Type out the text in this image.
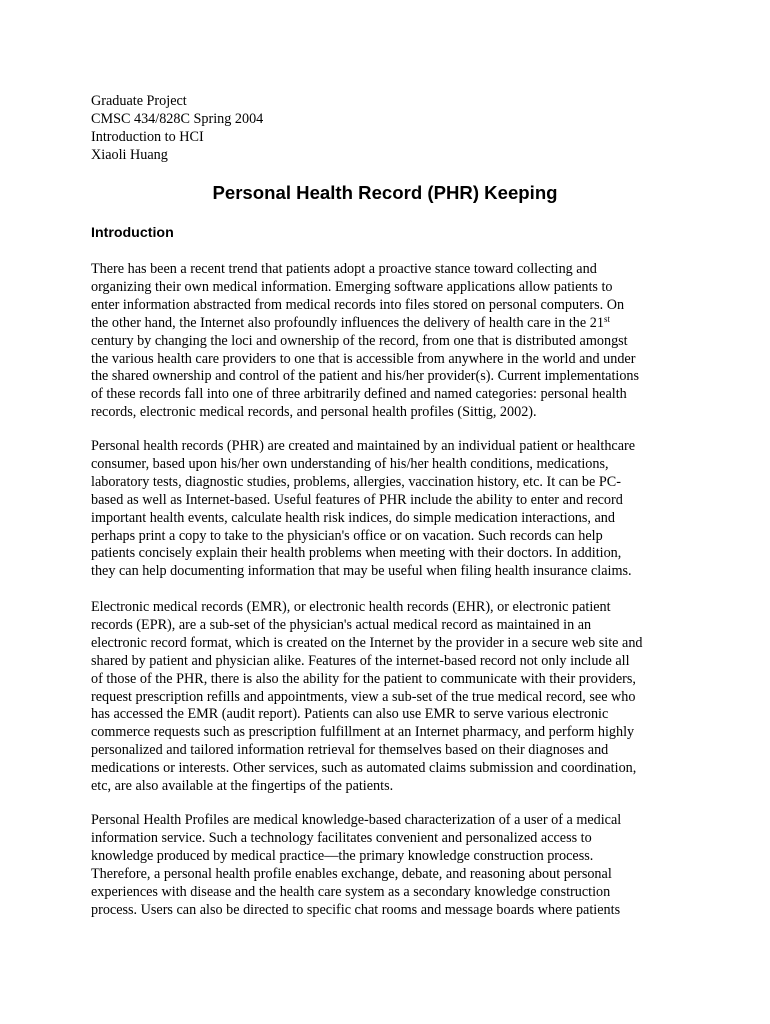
Graduate Project
CMSC 434/828C Spring 2004
Introduction to HCI
Xiaoli Huang
Personal Health Record (PHR) Keeping
Introduction

There has been a recent trend that patients adopt a proactive stance toward collecting and
organizing their own medical information. Emerging software applications allow patients to
enter information abstracted from medical records into files stored on personal computers. On
the other hand, the Internet also profoundly influences the delivery of health care in the 21st
century by changing the loci and ownership of the record, from one that is distributed amongst
the various health care providers to one that is accessible from anywhere in the world and under
the shared ownership and control of the patient and his/her provider(s). Current implementations
of these records fall into one of three arbitrarily defined and named categories: personal health
records, electronic medical records, and personal health profiles (Sittig, 2002).

Personal health records (PHR) are created and maintained by an individual patient or healthcare
consumer, based upon his/her own understanding of his/her health conditions, medications,
laboratory tests, diagnostic studies, problems, allergies, vaccination history, etc. It can be PC-
based as well as Internet-based. Useful features of PHR include the ability to enter and record
important health events, calculate health risk indices, do simple medication interactions, and
perhaps print a copy to take to the physician's office or on vacation. Such records can help
patients concisely explain their health problems when meeting with their doctors. In addition,
they can help documenting information that may be useful when filing health insurance claims.

Electronic medical records (EMR), or electronic health records (EHR), or electronic patient
records (EPR), are a sub-set of the physician's actual medical record as maintained in an
electronic record format, which is created on the Internet by the provider in a secure web site and
shared by patient and physician alike. Features of the internet-based record not only include all
of those of the PHR, there is also the ability for the patient to communicate with their providers,
request prescription refills and appointments, view a sub-set of the true medical record, see who
has accessed the EMR (audit report). Patients can also use EMR to serve various electronic
commerce requests such as prescription fulfillment at an Internet pharmacy, and perform highly
personalized and tailored information retrieval for themselves based on their diagnoses and
medications or interests. Other services, such as automated claims submission and coordination,
etc, are also available at the fingertips of the patients.

Personal Health Profiles are medical knowledge-based characterization of a user of a medical
information service. Such a technology facilitates convenient and personalized access to
knowledge produced by medical practice—the primary knowledge construction process.
Therefore, a personal health profile enables exchange, debate, and reasoning about personal
experiences with disease and the health care system as a secondary knowledge construction
process. Users can also be directed to specific chat rooms and message boards where patients
